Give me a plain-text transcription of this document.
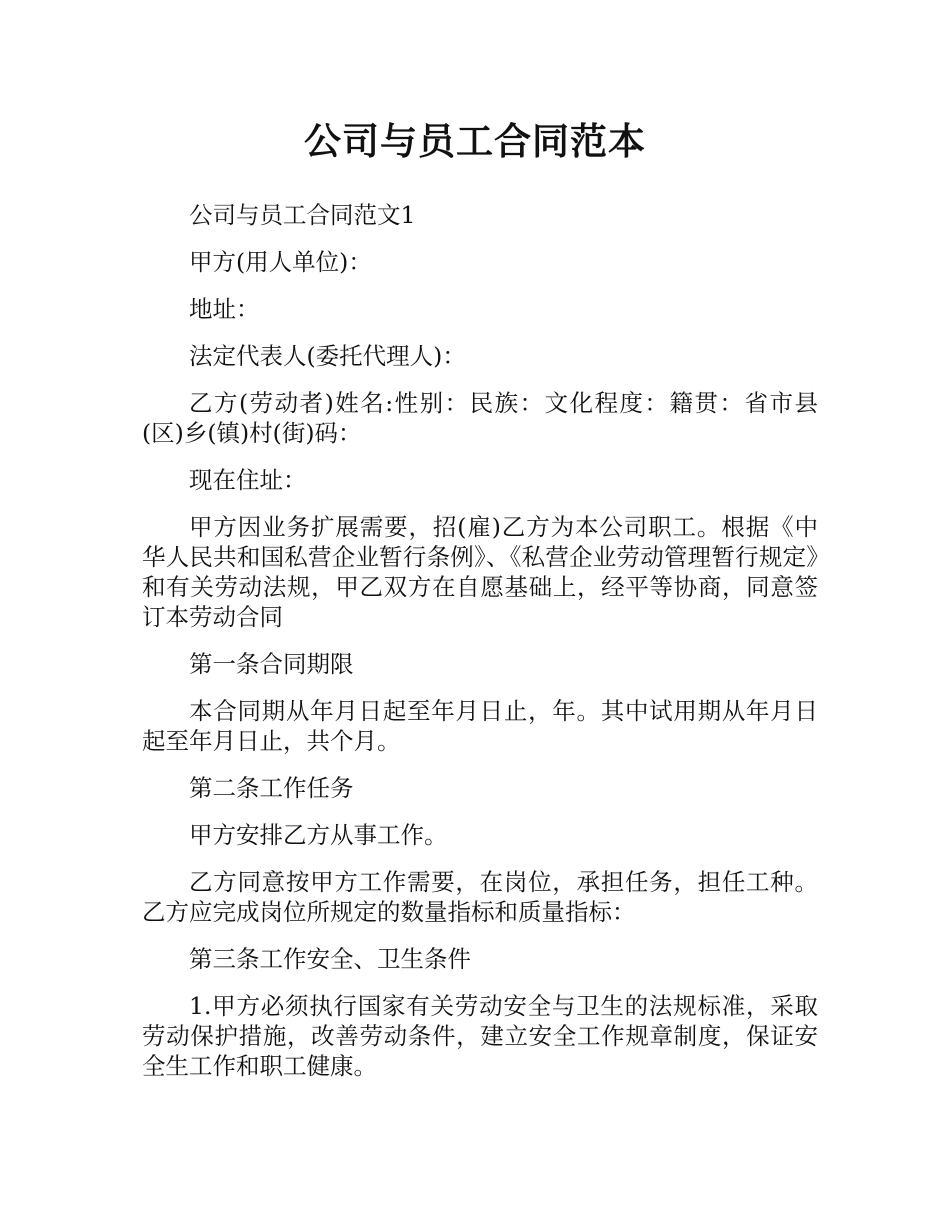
公司与员工合同范本

公司与员工合同范文1

甲方(用人单位)：

地址：

法定代表人(委托代理人)：

乙方(劳动者)姓名:性别：民族：文化程度：籍贯：省市县(区)乡(镇)村(街)码：

现在住址：

甲方因业务扩展需要，招(雇)乙方为本公司职工。根据《中华人民共和国私营企业暂行条例》、《私营企业劳动管理暂行规定》和有关劳动法规，甲乙双方在自愿基础上，经平等协商，同意签订本劳动合同

第一条合同期限

本合同期从年月日起至年月日止，年。其中试用期从年月日起至年月日止，共个月。

第二条工作任务

甲方安排乙方从事工作。

乙方同意按甲方工作需要，在岗位，承担任务，担任工种。乙方应完成岗位所规定的数量指标和质量指标：

第三条工作安全、卫生条件

1.甲方必须执行国家有关劳动安全与卫生的法规标准，采取劳动保护措施，改善劳动条件，建立安全工作规章制度，保证安全生工作和职工健康。
